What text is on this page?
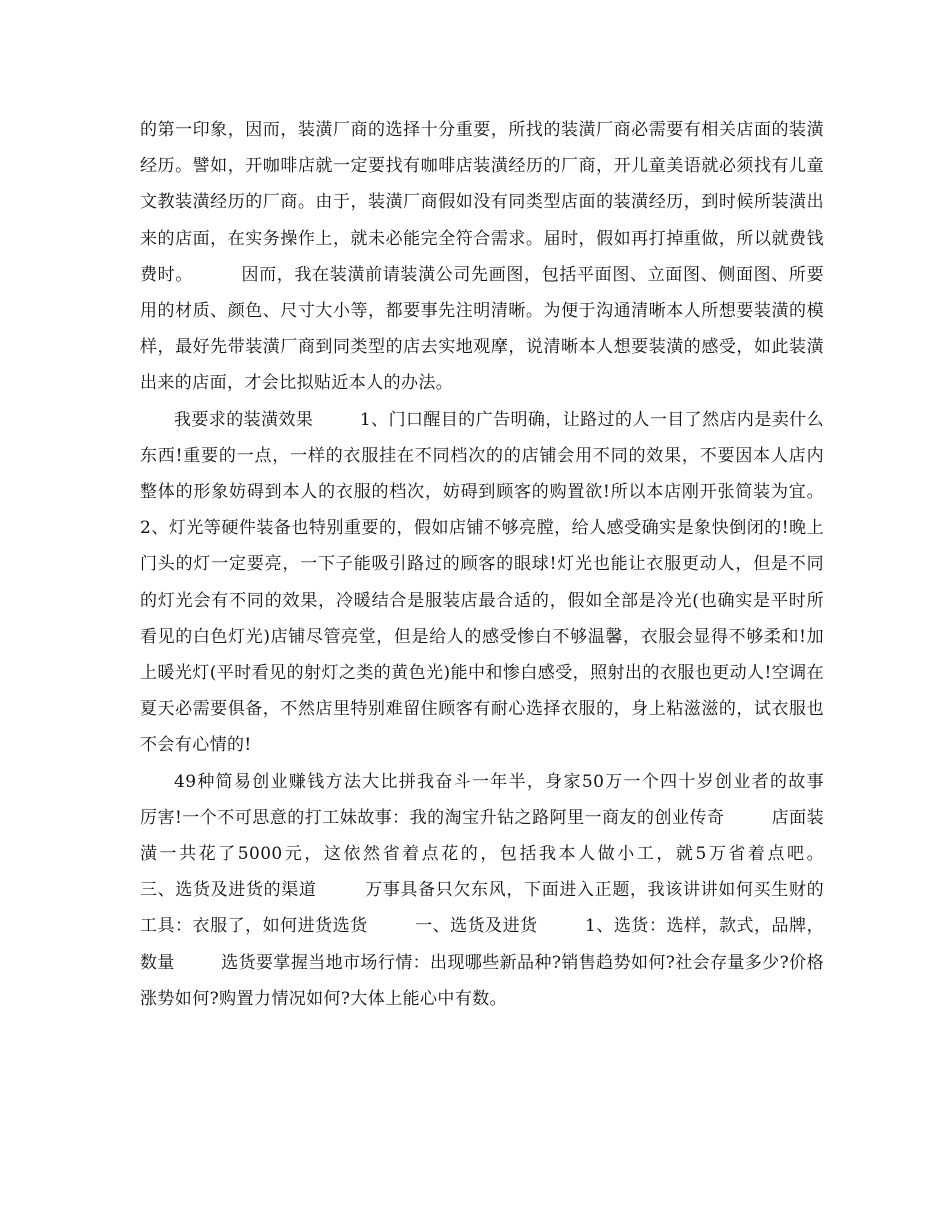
的第一印象，因而，装潢厂商的选择十分重要，所找的装潢厂商必需要有相关店面的装潢经历。譬如，开咖啡店就一定要找有咖啡店装潢经历的厂商，开儿童美语就必须找有儿童文教装潢经历的厂商。由于，装潢厂商假如没有同类型店面的装潢经历，到时候所装潢出来的店面，在实务操作上，就未必能完全符合需求。届时，假如再打掉重做，所以就费钱费时。        因而，我在装潢前请装潢公司先画图，包括平面图、立面图、侧面图、所要用的材质、颜色、尺寸大小等，都要事先注明清晰。为便于沟通清晰本人所想要装潢的模样，最好先带装潢厂商到同类型的店去实地观摩，说清晰本人想要装潢的感受，如此装潢出来的店面，才会比拟贴近本人的办法。

我要求的装潢效果        1、门口醒目的广告明确，让路过的人一目了然店内是卖什么东西!重要的一点，一样的衣服挂在不同档次的的店铺会用不同的效果，不要因本人店内整体的形象妨碍到本人的衣服的档次，妨碍到顾客的购置欲!所以本店刚开张简装为宜。        2、灯光等硬件装备也特别重要的，假如店铺不够亮膛，给人感受确实是象快倒闭的!晚上门头的灯一定要亮，一下子能吸引路过的顾客的眼球!灯光也能让衣服更动人，但是不同的灯光会有不同的效果，冷暖结合是服装店最合适的，假如全部是冷光(也确实是平时所看见的白色灯光)店铺尽管亮堂，但是给人的感受惨白不够温馨，衣服会显得不够柔和!加上暖光灯(平时看见的射灯之类的黄色光)能中和惨白感受，照射出的衣服也更动人!空调在夏天必需要俱备，不然店里特别难留住顾客有耐心选择衣服的，身上粘滋滋的，试衣服也不会有心情的!

49种简易创业赚钱方法大比拼我奋斗一年半，身家50万一个四十岁创业者的故事        厉害!一个不可思意的打工妹故事：我的淘宝升钻之路阿里一商友的创业传奇        店面装潢一共花了5000元，这依然省着点花的，包括我本人做小工，就5万省着点吧。        三、选货及进货的渠道        万事具备只欠东风，下面进入正题，我该讲讲如何买生财的工具：衣服了，如何进货选货        一、选货及进货        1、选货：选样，款式，品牌，数量        选货要掌握当地市场行情：出现哪些新品种?销售趋势如何?社会存量多少?价格涨势如何?购置力情况如何?大体上能心中有数。
